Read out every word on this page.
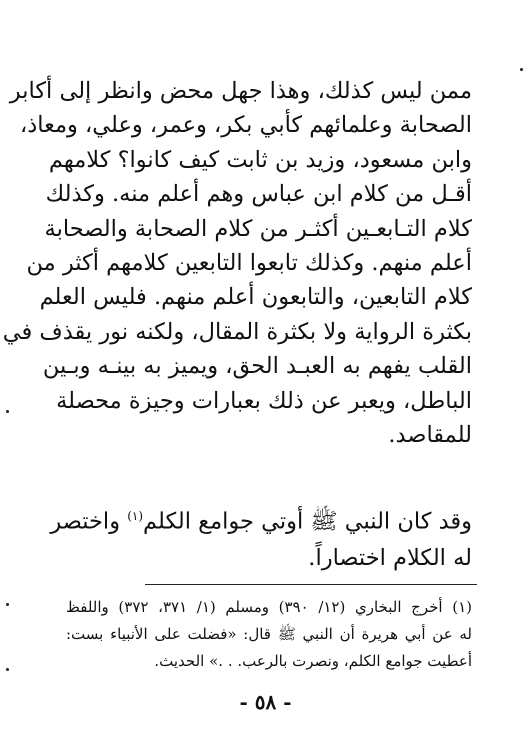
ممن ليس كذلك، وهذا جهل محض وانظر إلى أكابر
الصحابة وعلمائهم كأبي بكر، وعمر، وعلي، ومعاذ،
وابن مسعود، وزيد بن ثابت كيف كانوا؟ كلامهم
أقـل من كلام ابن عباس وهم أعلم منه. وكذلك
كلام التـابعـين أكثـر من كلام الصحابة والصحابة
أعلم منهم. وكذلك تابعوا التابعين كلامهم أكثر من
كلام التابعين، والتابعون أعلم منهم. فليس العلم
بكثرة الرواية ولا بكثرة المقال، ولكنه نور يقذف في
القلب يفهم به العبـد الحق، ويميز به بينـه وبـين
الباطل، ويعبر عن ذلك بعبارات وجيزة محصلة
للمقاصد.
وقد كان النبي ﷺ أوتي جوامع الكلم$^{(١)}$ واختصر
له الكلام اختصاراً.
(١) أخرج البخاري (١٢/ ٣٩٠) ومسلم (١/ ٣٧١، ٣٧٢) واللفظ
له عن أبي هريرة أن النبي ﷺ قال: «فضلت على الأنبياء بست:
أعطيت جوامع الكلم، ونصرت بالرعب. . .» الحديث.
- ٥٨ -
